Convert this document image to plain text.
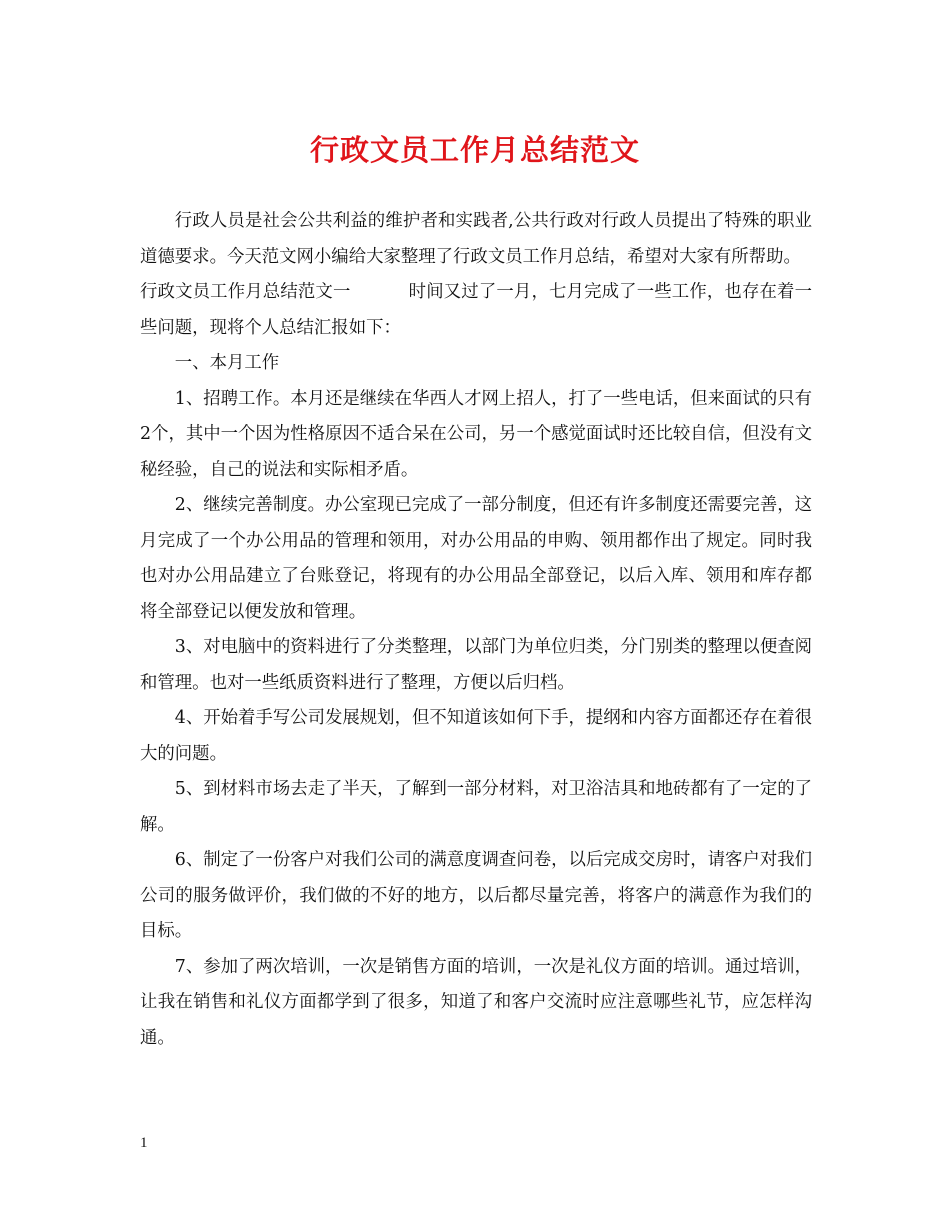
行政文员工作月总结范文

行政人员是社会公共利益的维护者和实践者,公共行政对行政人员提出了特殊的职业道德要求。今天范文网小编给大家整理了行政文员工作月总结，希望对大家有所帮助。

行政文员工作月总结范文一	时间又过了一月，七月完成了一些工作，也存在着一些问题，现将个人总结汇报如下：

一、本月工作

1、招聘工作。本月还是继续在华西人才网上招人，打了一些电话，但来面试的只有2个，其中一个因为性格原因不适合呆在公司，另一个感觉面试时还比较自信，但没有文秘经验，自己的说法和实际相矛盾。

2、继续完善制度。办公室现已完成了一部分制度，但还有许多制度还需要完善，这月完成了一个办公用品的管理和领用，对办公用品的申购、领用都作出了规定。同时我也对办公用品建立了台账登记，将现有的办公用品全部登记，以后入库、领用和库存都将全部登记以便发放和管理。

3、对电脑中的资料进行了分类整理，以部门为单位归类，分门别类的整理以便查阅和管理。也对一些纸质资料进行了整理，方便以后归档。

4、开始着手写公司发展规划，但不知道该如何下手，提纲和内容方面都还存在着很大的问题。

5、到材料市场去走了半天，了解到一部分材料，对卫浴洁具和地砖都有了一定的了解。

6、制定了一份客户对我们公司的满意度调查问卷，以后完成交房时，请客户对我们公司的服务做评价，我们做的不好的地方，以后都尽量完善，将客户的满意作为我们的目标。

7、参加了两次培训，一次是销售方面的培训，一次是礼仪方面的培训。通过培训，让我在销售和礼仪方面都学到了很多，知道了和客户交流时应注意哪些礼节，应怎样沟通。

1
